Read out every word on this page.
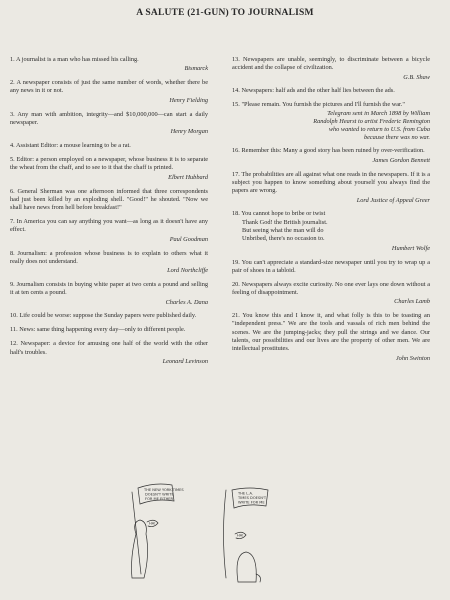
A SALUTE (21-GUN) TO JOURNALISM
1. A journalist is a man who has missed his calling.
Bismarck
2. A newspaper consists of just the same number of words, whether there be any news in it or not.
Henry Fielding
3. Any man with ambition, integrity—and $10,000,000—can start a daily newspaper.
Henry Morgan
4. Assistant Editor: a mouse learning to be a rat.
5. Editor: a person employed on a newspaper, whose business it is to separate the wheat from the chaff, and to see to it that the chaff is printed.
Elbert Hubbard
6. General Sherman was one afternoon informed that three correspondents had just been killed by an exploding shell. "Good!" he shouted. "Now we shall have news from hell before breakfast!"
7. In America you can say anything you want—as long as it doesn't have any effect.
Paul Goodman
8. Journalism: a profession whose business is to explain to others what it really does not understand.
Lord Northcliffe
9. Journalism consists in buying white paper at two cents a pound and selling it at ten cents a pound.
Charles A. Dana
10. Life could be worse: suppose the Sunday papers were published daily.
11. News: same thing happening every day—only to different people.
12. Newspaper: a device for amusing one half of the world with the other half's troubles.
Leonard Levinson
13. Newspapers are unable, seemingly, to discriminate between a bicycle accident and the collapse of civilization.
G.B. Shaw
14. Newspapers: half ads and the other half lies between the ads.
15. "Please remain. You furnish the pictures and I'll furnish the war."
Telegram sent in March 1898 by William
Randolph Hearst to artist Frederic Remington
who wanted to return to U.S. from Cuba
because there was no war.
16. Remember this: Many a good story has been ruined by over-verification.
James Gordon Bennett
17. The probabilities are all against what one reads in the newspapers. If it is a subject you happen to know something about yourself you always find the papers are wrong.
Lord Justice of Appeal Greer
18. You cannot hope to bribe or twist
Thank God! the British journalist.
But seeing what the man will do
Unbribed, there's no occasion to.
Humbert Wolfe
19. You can't appreciate a standard-size newspaper until you try to wrap up a pair of shoes in a tabloid.
20. Newspapers always excite curiosity. No one ever lays one down without a feeling of disappointment.
Charles Lamb
21. You know this and I know it, and what folly is this to be toasting an "independent press." We are the tools and vassals of rich men behind the scenes. We are the jumping-jacks; they pull the strings and we dance. Our talents, our possibilities and our lives are the property of other men. We are intellectual prostitutes.
John Swinton
THE NEW YORK TIMES
DOESN'T WRITE
FOR ME EITHER
THE L.A.
TIMES DOESN'T
WRITE FOR ME
HA!
HA!
